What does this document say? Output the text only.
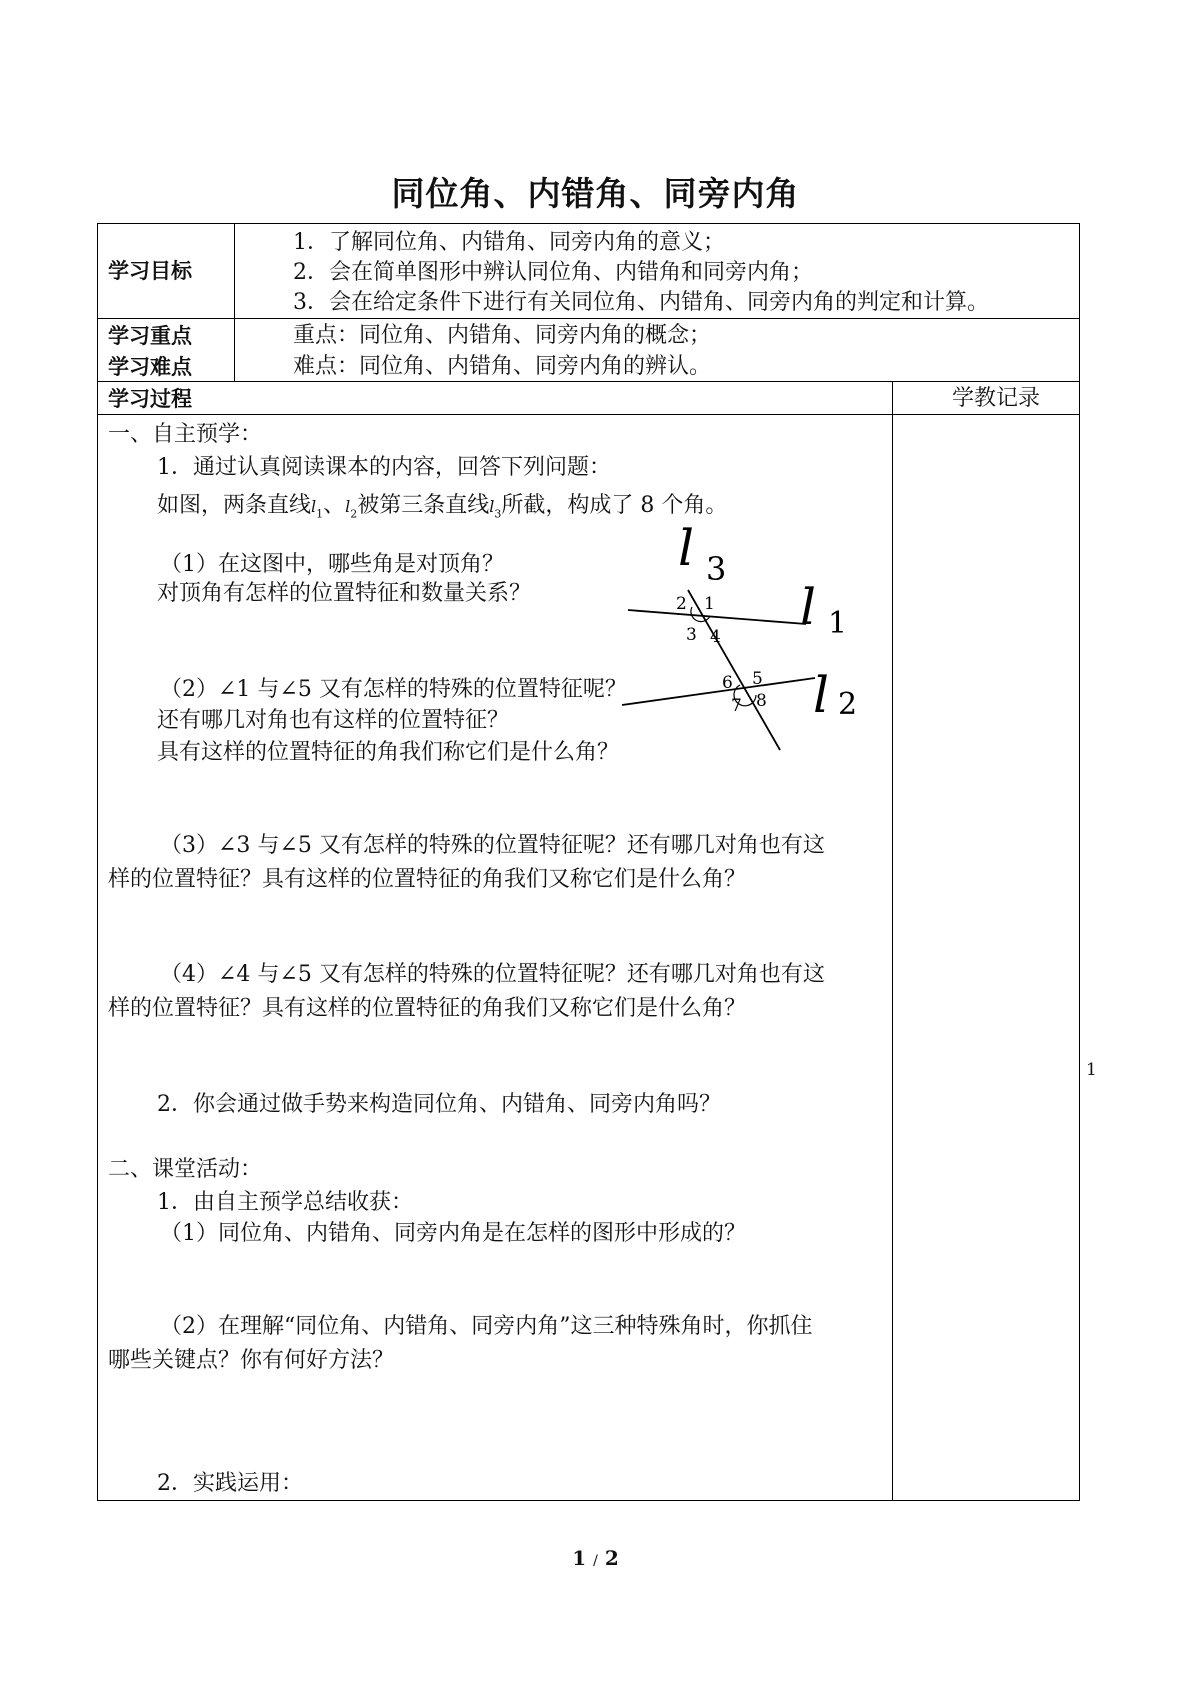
同位角、内错角、同旁内角
学习目标
1．了解同位角、内错角、同旁内角的意义；
2．会在简单图形中辨认同位角、内错角和同旁内角；
3．会在给定条件下进行有关同位角、内错角、同旁内角的判定和计算。
学习重点
学习难点
重点：同位角、内错角、同旁内角的概念；
难点：同位角、内错角、同旁内角的辨认。
学习过程	学教记录
一、自主预学：
1．通过认真阅读课本的内容，回答下列问题：
如图，两条直线$l_1$、$l_2$被第三条直线$l_3$所截，构成了 8 个角。
（1）在这图中，哪些角是对顶角？
对顶角有怎样的位置特征和数量关系？
（2）∠1 与∠5 又有怎样的特殊的位置特征呢？
还有哪几对角也有这样的位置特征？
具有这样的位置特征的角我们称它们是什么角？
（3）∠3 与∠5 又有怎样的特殊的位置特征呢？还有哪几对角也有这
样的位置特征？具有这样的位置特征的角我们又称它们是什么角？
（4）∠4 与∠5 又有怎样的特殊的位置特征呢？还有哪几对角也有这
样的位置特征？具有这样的位置特征的角我们又称它们是什么角？
2．你会通过做手势来构造同位角、内错角、同旁内角吗？
二、课堂活动：
1．由自主预学总结收获：
（1）同位角、内错角、同旁内角是在怎样的图形中形成的？
（2）在理解“同位角、内错角、同旁内角”这三种特殊角时，你抓住
哪些关键点？你有何好方法？
2．实践运用：
1
l 3
l 1
l 2
1
2
3 4
5
6
7 8
1 / 2
